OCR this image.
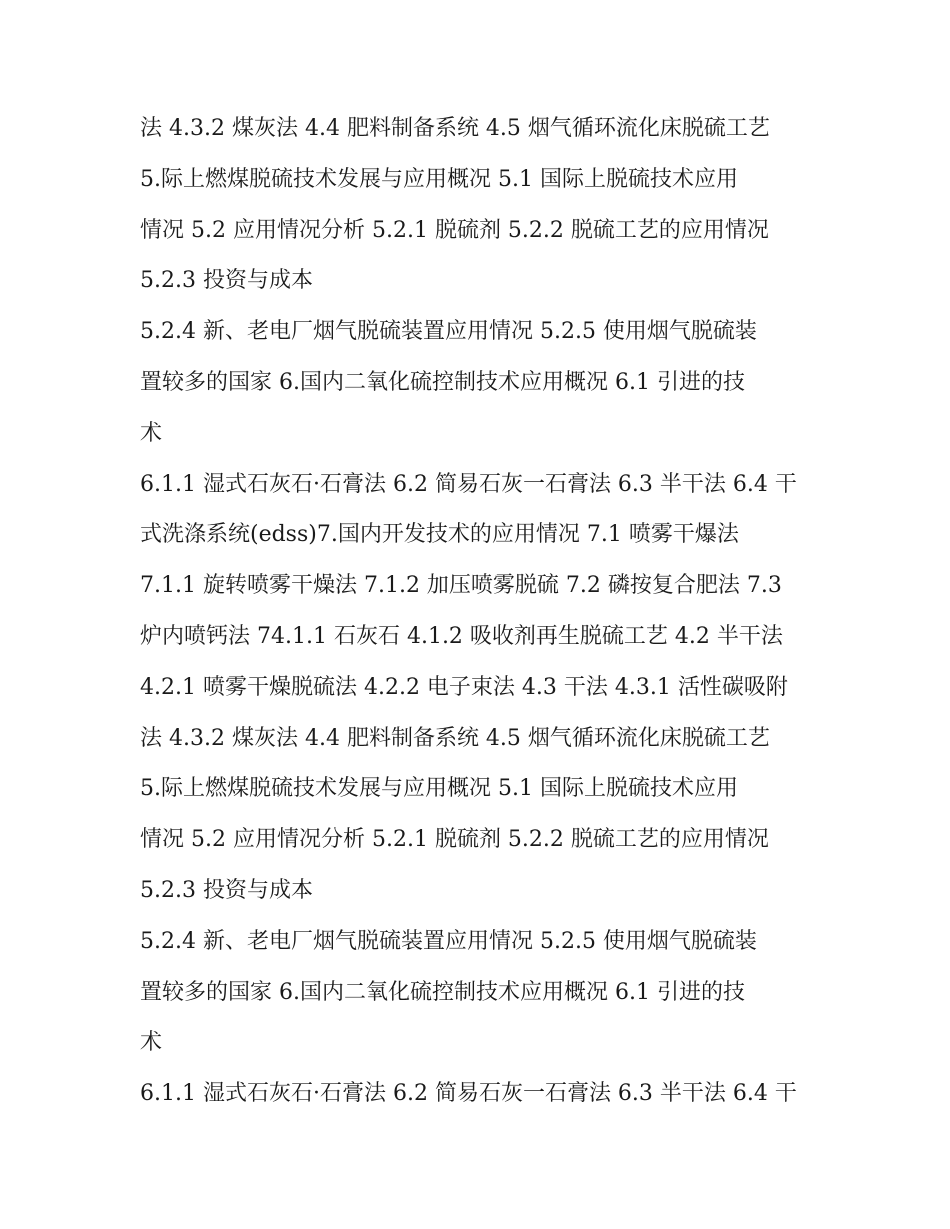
法 4.3.2 煤灰法 4.4 肥料制备系统 4.5 烟气循环流化床脱硫工艺
5.际上燃煤脱硫技术发展与应用概况 5.1 国际上脱硫技术应用
情况 5.2 应用情况分析 5.2.1 脱硫剂 5.2.2 脱硫工艺的应用情况
5.2.3 投资与成本
5.2.4 新、老电厂烟气脱硫装置应用情况 5.2.5 使用烟气脱硫装
置较多的国家 6.国内二氧化硫控制技术应用概况 6.1 引进的技
术
6.1.1 湿式石灰石·石膏法 6.2 简易石灰一石膏法 6.3 半干法 6.4 干
式洗涤系统(edss)7.国内开发技术的应用情况 7.1 喷雾干爆法
7.1.1 旋转喷雾干燥法 7.1.2 加压喷雾脱硫 7.2 磷按复合肥法 7.3
炉内喷钙法 74.1.1 石灰石 4.1.2 吸收剂再生脱硫工艺 4.2 半干法
4.2.1 喷雾干燥脱硫法 4.2.2 电子束法 4.3 干法 4.3.1 活性碳吸附
法 4.3.2 煤灰法 4.4 肥料制备系统 4.5 烟气循环流化床脱硫工艺
5.际上燃煤脱硫技术发展与应用概况 5.1 国际上脱硫技术应用
情况 5.2 应用情况分析 5.2.1 脱硫剂 5.2.2 脱硫工艺的应用情况
5.2.3 投资与成本
5.2.4 新、老电厂烟气脱硫装置应用情况 5.2.5 使用烟气脱硫装
置较多的国家 6.国内二氧化硫控制技术应用概况 6.1 引进的技
术
6.1.1 湿式石灰石·石膏法 6.2 简易石灰一石膏法 6.3 半干法 6.4 干
